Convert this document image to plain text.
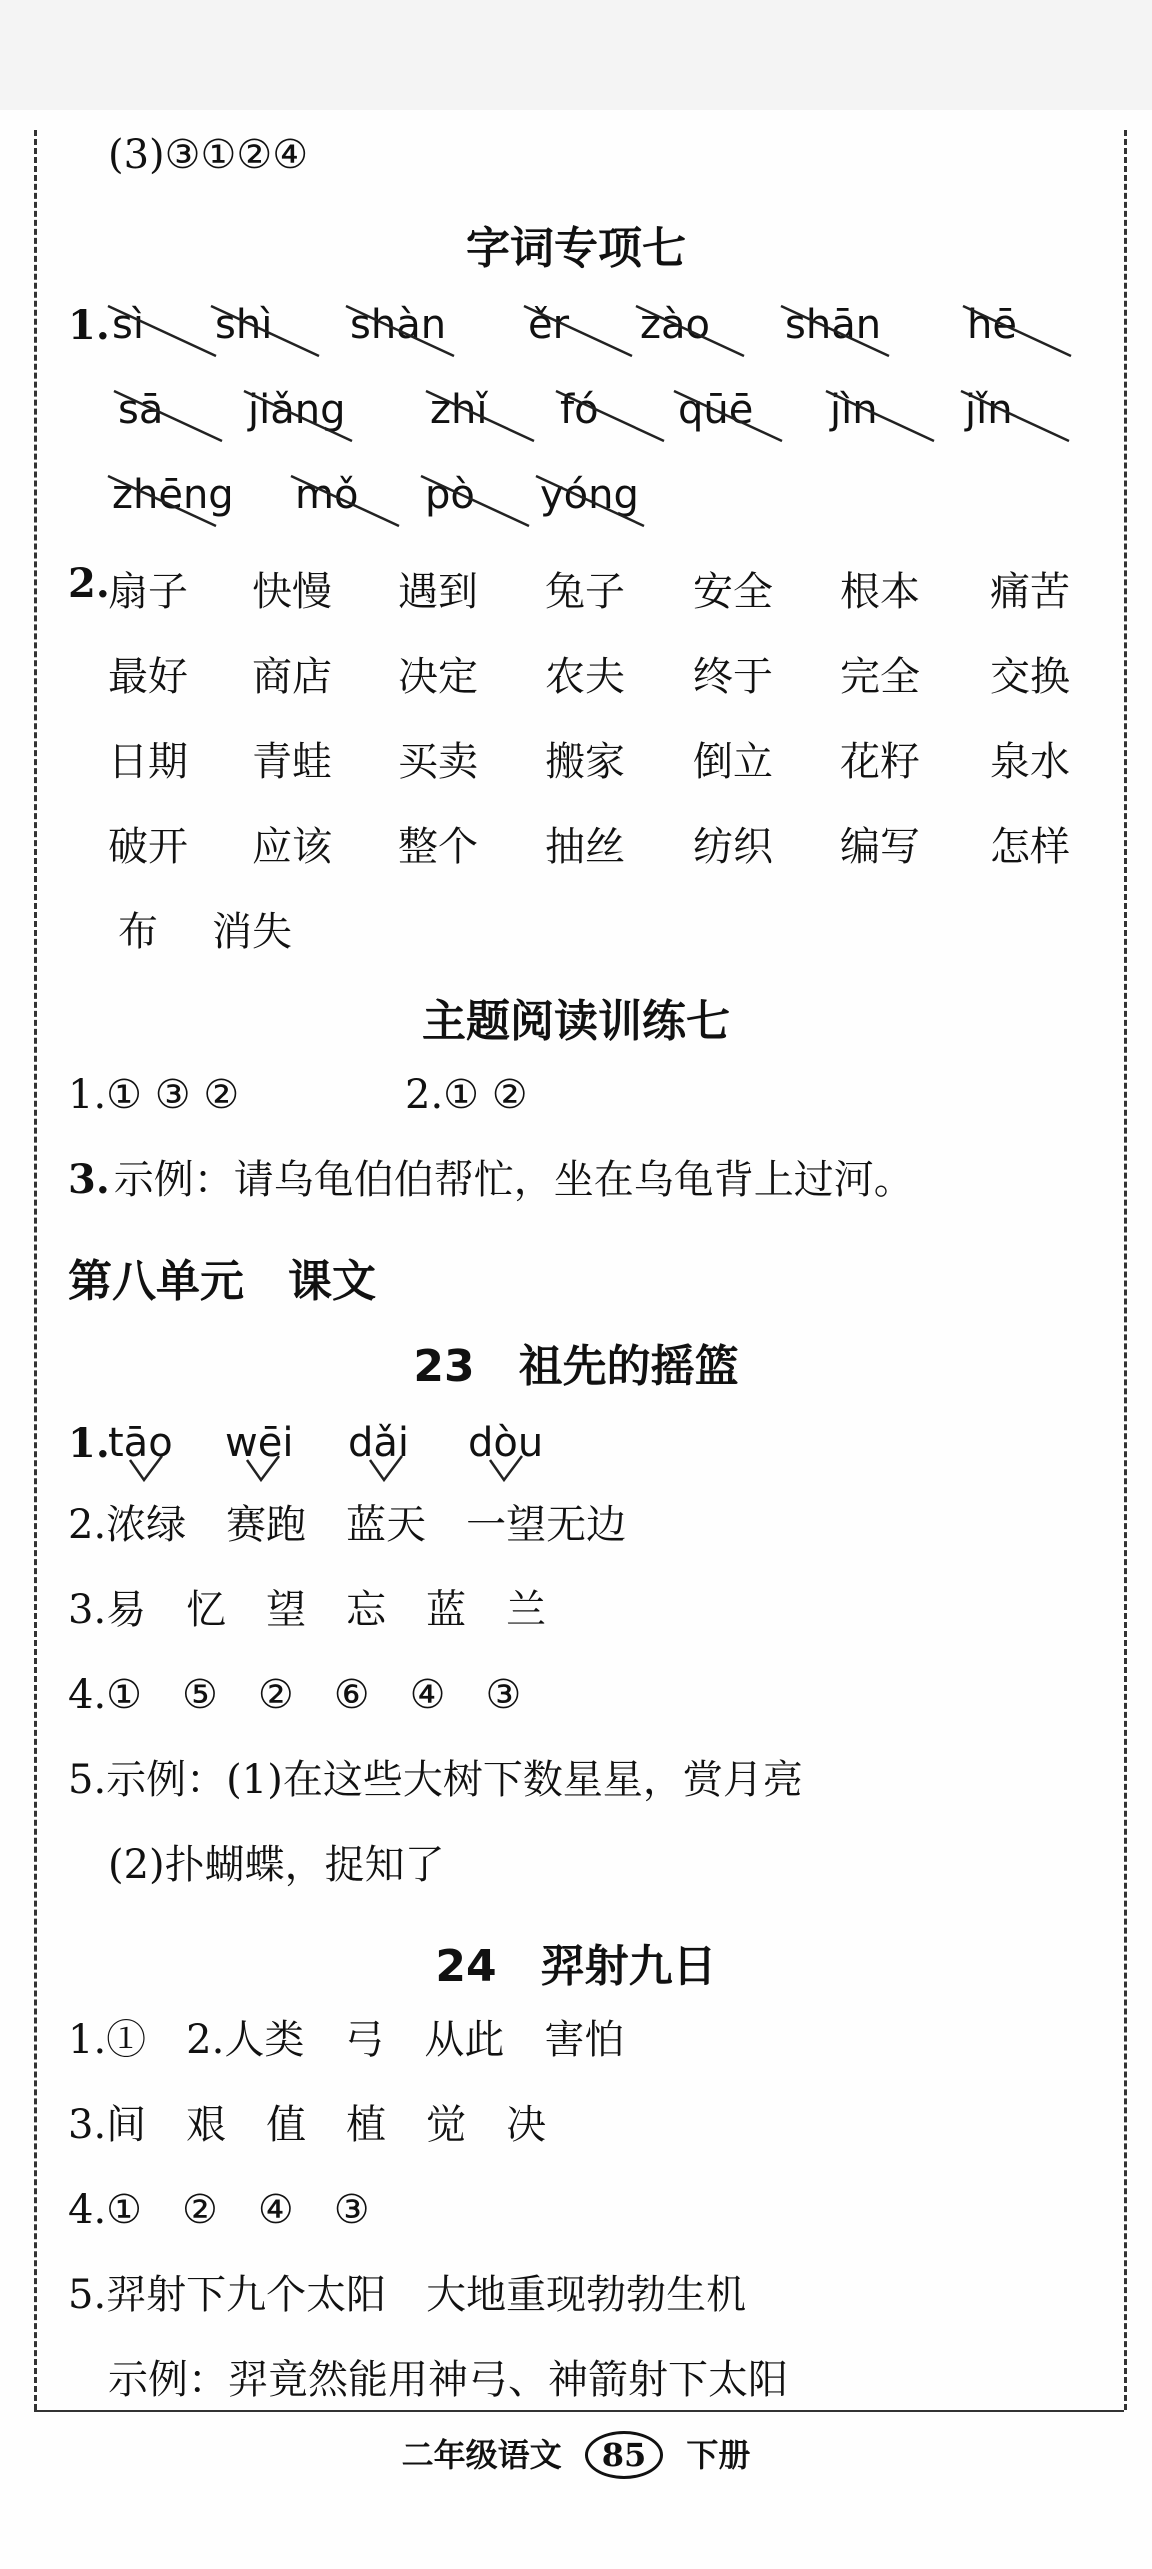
(3)③①②④
字词专项七
1.
2.
主题阅读训练七
1.① ③ ②	2.① ②
3. 示例：请乌龟伯伯帮忙，坐在乌龟背上过河。
第八单元　课文
23　祖先的摇篮
1.
2.浓绿　赛跑　蓝天　一望无边
3.易　忆　望　忘　蓝　兰
4.①　⑤　②　⑥　④　③
5.示例：(1)在这些大树下数星星，赏月亮
(2)扑蝴蝶，捉知了
24　羿射九日
1.①　2.人类　弓　从此　害怕
3.间　艰　值　植　觉　决
4.①　②　④　③
5.羿射下九个太阳　大地重现勃勃生机
示例：羿竟然能用神弓、神箭射下太阳
二年级语文 85 下册
sì shì shàn ěr zào shān hē
sā jiǎng zhǐ fó qūē jìn jǐn
zhēng mǒ pò yóng
tāo wēi dǎi dòu
扇子 快慢 遇到 兔子 安全 根本 痛苦
最好 商店 决定 农夫 终于 完全 交换
日期 青蛙 买卖 搬家 倒立 花籽 泉水
破开 应该 整个 抽丝 纺织 编写 怎样
布 消失
